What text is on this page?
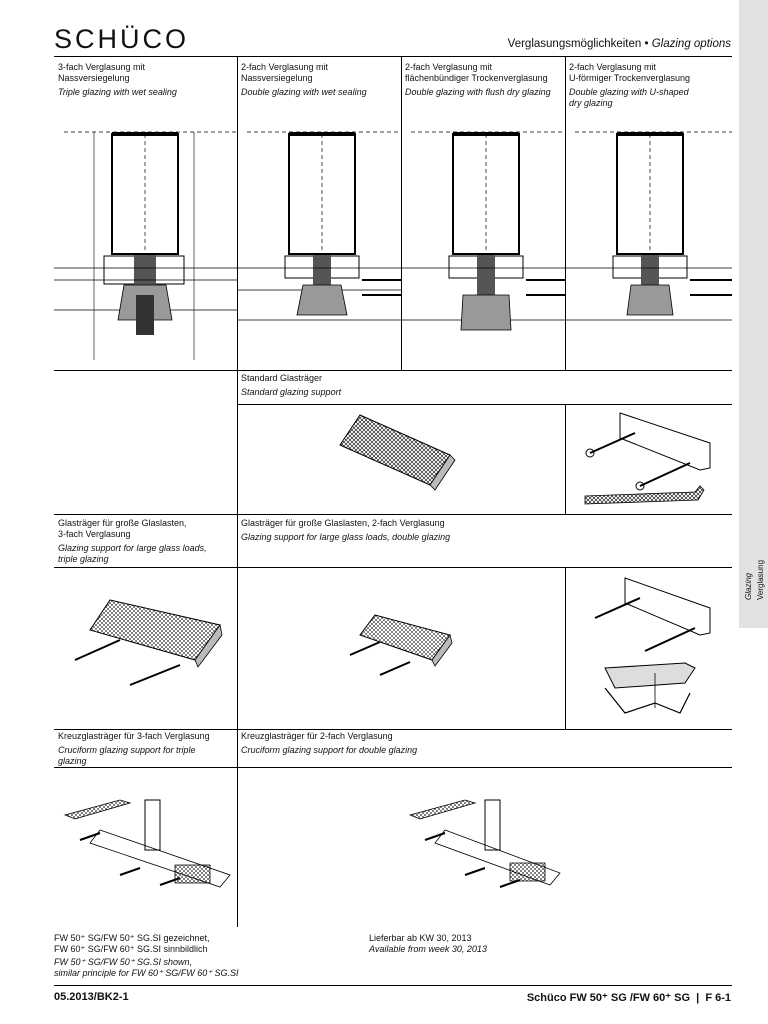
Glazing Verglasung
SCHÜCO	Verglasungsmöglichkeiten • Glazing options
3-fach Verglasung mit
Nassversiegelung
Triple glazing with wet sealing
2-fach Verglasung mit
Nassversiegelung
Double glazing with wet sealing
2-fach Verglasung mit
flächenbündiger Trockenverglasung
Double glazing with flush dry glazing
2-fach Verglasung mit
U-förmiger Trockenverglasung
Double glazing with U-shaped
dry glazing
Standard Glasträger
Standard glazing support
Glasträger für große Glaslasten,
3-fach Verglasung
Glazing support for large glass loads,
triple glazing
Glasträger für große Glaslasten, 2-fach Verglasung
Glazing support for large glass loads, double glazing
Kreuzglasträger für 3-fach Verglasung
Cruciform glazing support for triple
glazing
Kreuzglasträger für 2-fach Verglasung
Cruciform glazing support for double glazing
FW 50⁺ SG/FW 50⁺ SG.SI gezeichnet,
FW 60⁺ SG/FW 60⁺ SG.SI sinnbildlich
FW 50⁺ SG/FW 50⁺ SG.SI shown,
similar principle for FW 60⁺ SG/FW 60⁺ SG.SI
Lieferbar ab KW 30, 2013
Available from week 30, 2013
05.2013/BK2-1	Schüco FW 50⁺ SG /FW 60⁺ SG  |  F 6-1
